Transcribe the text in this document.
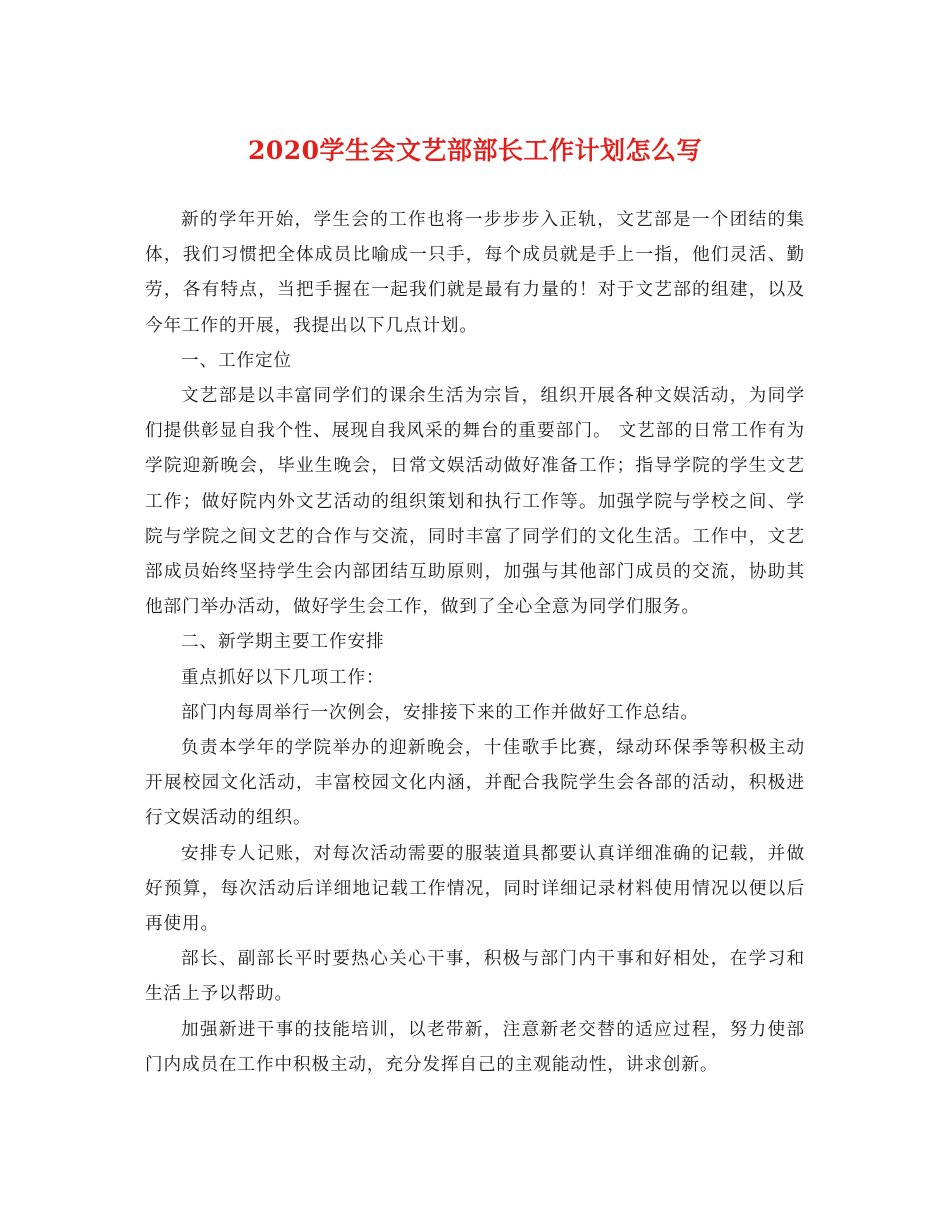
2020学生会文艺部部长工作计划怎么写

新的学年开始，学生会的工作也将一步步步入正轨，文艺部是一个团结的集体，我们习惯把全体成员比喻成一只手，每个成员就是手上一指，他们灵活、勤劳，各有特点，当把手握在一起我们就是最有力量的！对于文艺部的组建，以及今年工作的开展，我提出以下几点计划。

一、工作定位

文艺部是以丰富同学们的课余生活为宗旨，组织开展各种文娱活动，为同学们提供彰显自我个性、展现自我风采的舞台的重要部门。 文艺部的日常工作有为学院迎新晚会，毕业生晚会，日常文娱活动做好准备工作；指导学院的学生文艺工作；做好院内外文艺活动的组织策划和执行工作等。加强学院与学校之间、学院与学院之间文艺的合作与交流，同时丰富了同学们的文化生活。工作中，文艺部成员始终坚持学生会内部团结互助原则，加强与其他部门成员的交流，协助其他部门举办活动，做好学生会工作，做到了全心全意为同学们服务。

二、新学期主要工作安排

重点抓好以下几项工作：

部门内每周举行一次例会，安排接下来的工作并做好工作总结。

负责本学年的学院举办的迎新晚会，十佳歌手比赛，绿动环保季等积极主动开展校园文化活动，丰富校园文化内涵，并配合我院学生会各部的活动，积极进行文娱活动的组织。

安排专人记账，对每次活动需要的服装道具都要认真详细准确的记载，并做好预算，每次活动后详细地记载工作情况，同时详细记录材料使用情况以便以后再使用。

部长、副部长平时要热心关心干事，积极与部门内干事和好相处，在学习和生活上予以帮助。

加强新进干事的技能培训，以老带新，注意新老交替的适应过程，努力使部门内成员在工作中积极主动，充分发挥自己的主观能动性，讲求创新。
